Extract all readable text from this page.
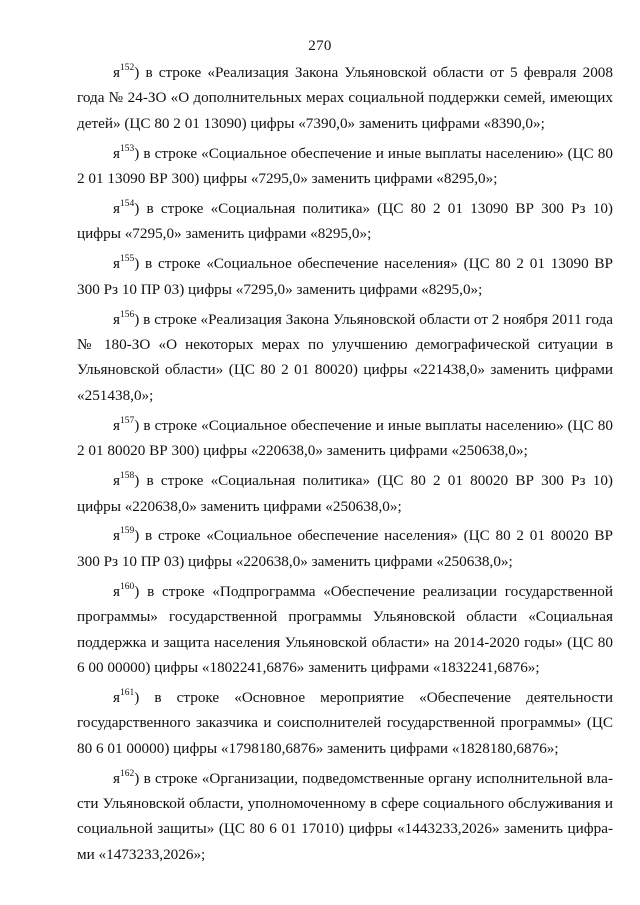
270

$я^{152}$) в строке «Реализация Закона Ульяновской области от 5 февраля 2008 года № 24-ЗО «О дополнительных мерах социальной поддержки семей, имеющих детей» (ЦС 80 2 01 13090) цифры «7390,0» заменить цифрами «8390,0»;

$я^{153}$) в строке «Социальное обеспечение и иные выплаты населению» (ЦС 80 2 01 13090 ВР 300) цифры «7295,0» заменить цифрами «8295,0»;

$я^{154}$) в строке «Социальная политика» (ЦС 80 2 01 13090 ВР 300 Рз 10) цифры «7295,0» заменить цифрами «8295,0»;

$я^{155}$) в строке «Социальное обеспечение населения» (ЦС 80 2 01 13090 ВР 300 Рз 10 ПР 03) цифры «7295,0» заменить цифрами «8295,0»;

$я^{156}$) в строке «Реализация Закона Ульяновской области от 2 ноября 2011 года № 180-ЗО «О некоторых мерах по улучшению демографической ситуации в Ульяновской области» (ЦС 80 2 01 80020) цифры «221438,0» заменить цифрами «251438,0»;

$я^{157}$) в строке «Социальное обеспечение и иные выплаты населению» (ЦС 80 2 01 80020 ВР 300) цифры «220638,0» заменить цифрами «250638,0»;

$я^{158}$) в строке «Социальная политика» (ЦС 80 2 01 80020 ВР 300 Рз 10) цифры «220638,0» заменить цифрами «250638,0»;

$я^{159}$) в строке «Социальное обеспечение населения» (ЦС 80 2 01 80020 ВР 300 Рз 10 ПР 03) цифры «220638,0» заменить цифрами «250638,0»;

$я^{160}$) в строке «Подпрограмма «Обеспечение реализации государственной программы» государственной программы Ульяновской области «Социальная поддержка и защита населения Ульяновской области» на 2014-2020 годы» (ЦС 80 6 00 00000) цифры «1802241,6876» заменить цифрами «1832241,6876»;

$я^{161}$) в строке «Основное мероприятие «Обеспечение деятельности государственного заказчика и соисполнителей государственной программы» (ЦС 80 6 01 00000) цифры «1798180,6876» заменить цифрами «1828180,6876»;

$я^{162}$) в строке «Организации, подведомственные органу исполнительной власти Ульяновской области, уполномоченному в сфере социального обслуживания и социальной защиты» (ЦС 80 6 01 17010) цифры «1443233,2026» заменить цифрами «1473233,2026»;
